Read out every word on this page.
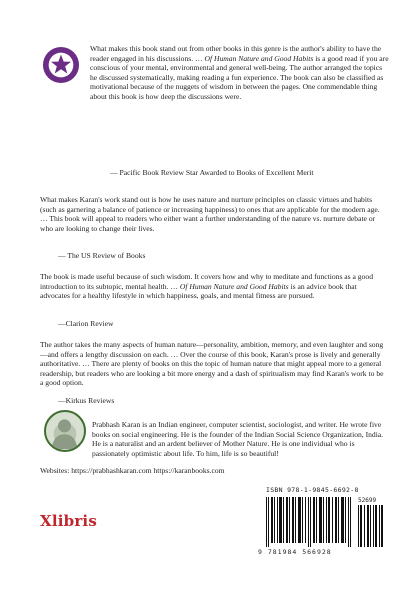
What makes this book stand out from other books in this genre is the author's ability to have the reader engaged in his discussions. … Of Human Nature and Good Habits is a good read if you are conscious of your mental, environmental and general well-being. The author arranged the topics he discussed systematically, making reading a fun experience. The book can also be classified as motivational because of the nuggets of wisdom in between the pages. One commendable thing about this book is how deep the discussions were.

— Pacific Book Review Star Awarded to Books of Excellent Merit

What makes Karan's work stand out is how he uses nature and nurture principles on classic virtues and habits (such as garnering a balance of patience or increasing happiness) to ones that are applicable for the modern age. … This book will appeal to readers who either want a further understanding of the nature vs. nurture debate or who are looking to change their lives.

— The US Review of Books

The book is made useful because of such wisdom. It covers how and why to meditate and functions as a good introduction to its subtopic, mental health. … Of Human Nature and Good Habits is an advice book that advocates for a healthy lifestyle in which happiness, goals, and mental fitness are pursued.

—Clarion Review

The author takes the many aspects of human nature—personality, ambition, memory, and even laughter and song—and offers a lengthy discussion on each. … Over the course of this book, Karan's prose is lively and generally authoritative. … There are plenty of books on this the topic of human nature that might appeal more to a general readership, but readers who are looking a bit more energy and a dash of spiritualism may find Karan's work to be a good option.

—Kirkus Reviews

Prabhash Karan is an Indian engineer, computer scientist, sociologist, and writer. He wrote five books on social engineering. He is the founder of the Indian Social Science Organization, India. He is a naturalist and an ardent believer of Mother Nature. He is one individual who is passionately optimistic about life. To him, life is so beautiful!

Websites: https://prabhashkaran.com https://karanbooks.com

Xlibris
ISBN 978-1-9845-6692-8
52699
9 781984 566928
